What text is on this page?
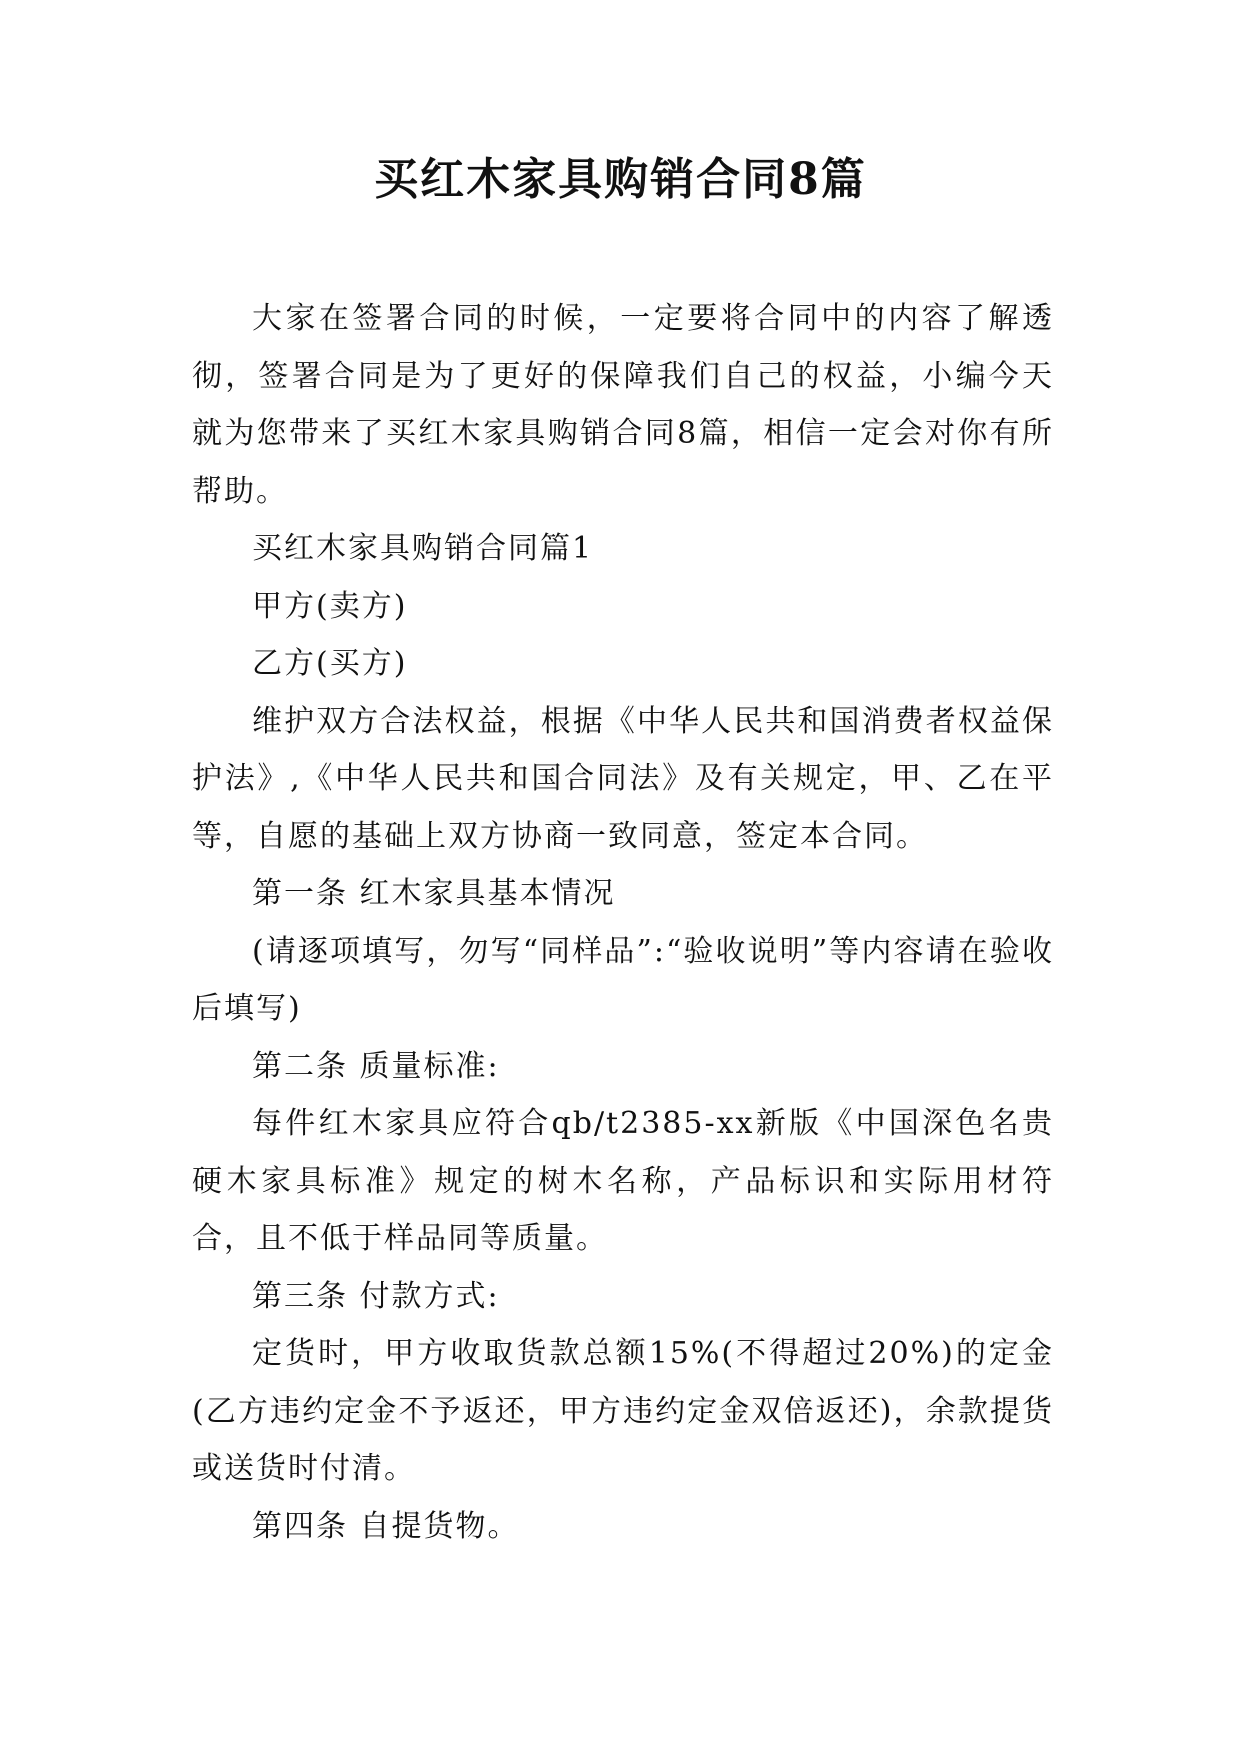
买红木家具购销合同8篇

大家在签署合同的时候，一定要将合同中的内容了解透彻，签署合同是为了更好的保障我们自己的权益，小编今天就为您带来了买红木家具购销合同8篇，相信一定会对你有所帮助。

买红木家具购销合同篇1

甲方(卖方)

乙方(买方)

维护双方合法权益，根据《中华人民共和国消费者权益保护法》,《中华人民共和国合同法》及有关规定，甲、乙在平等，自愿的基础上双方协商一致同意，签定本合同。

第一条 红木家具基本情况

(请逐项填写，勿写“同样品”:“验收说明”等内容请在验收后填写)

第二条 质量标准:

每件红木家具应符合qb/t2385-xx新版《中国深色名贵硬木家具标准》规定的树木名称，产品标识和实际用材符合，且不低于样品同等质量。

第三条 付款方式:

定货时，甲方收取货款总额15%(不得超过20%)的定金(乙方违约定金不予返还，甲方违约定金双倍返还)，余款提货或送货时付清。

第四条 自提货物。
